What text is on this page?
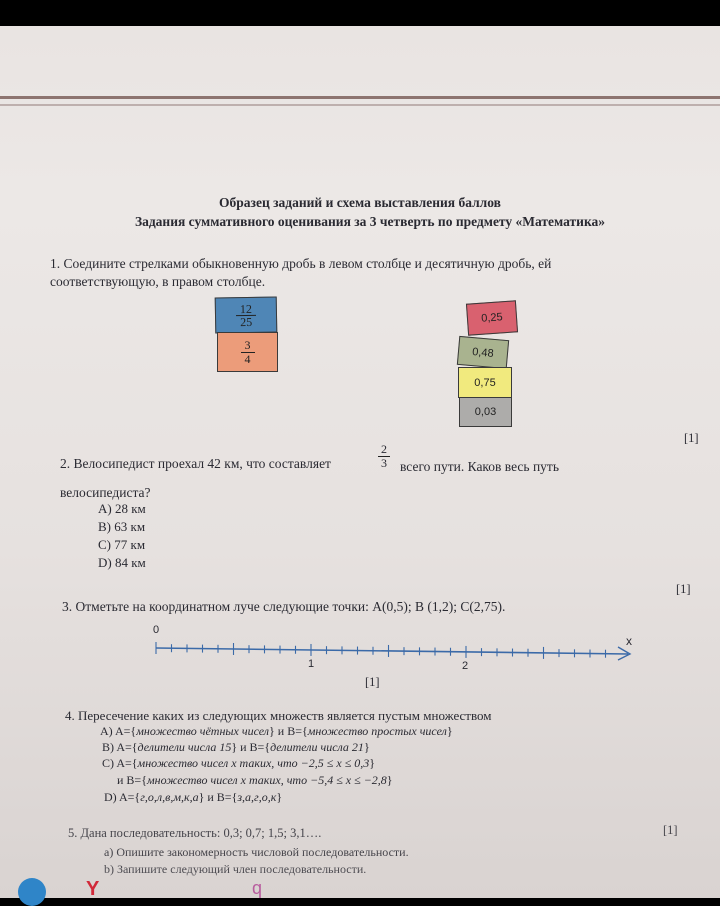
Образец заданий и схема выставления баллов
Задания суммативного оценивания за 3 четверть по предмету «Математика»
1. Соедините стрелками обыкновенную дробь в левом столбце и десятичную дробь, ей
соответствующую, в правом столбце.
12
25
3
4
0,25
0,48
0,75
0,03
[1]
2. Велосипедист проехал 42 км, что составляет
2
3 всего пути. Каков весь путь
велосипедиста?
A) 28 км
B) 63 км
C) 77 км
D) 84 км
[1]
3. Отметьте на координатном луче следующие точки: A(0,5); B (1,2); C(2,75).
0
1	2
x
[1]
4. Пересечение каких из следующих множеств является пустым множеством
A) A={множество чётных чисел} и B={множество простых чисел}
B) A={делители числа 15} и B={делители числа 21}
C) A={множество чисел x таких, что −2,5 ≤ x ≤ 0,3}
и B={множество чисел x таких, что −5,4 ≤ x ≤ −2,8}
D) A={г,о,л,в,м,к,а} и B={з,а,г,о,к}
5. Дана последовательность: 0,3; 0,7; 1,5; 3,1….
а) Опишите закономерность числовой последовательности.
b) Запишите следующий член последовательности.
[1]
Y	q
